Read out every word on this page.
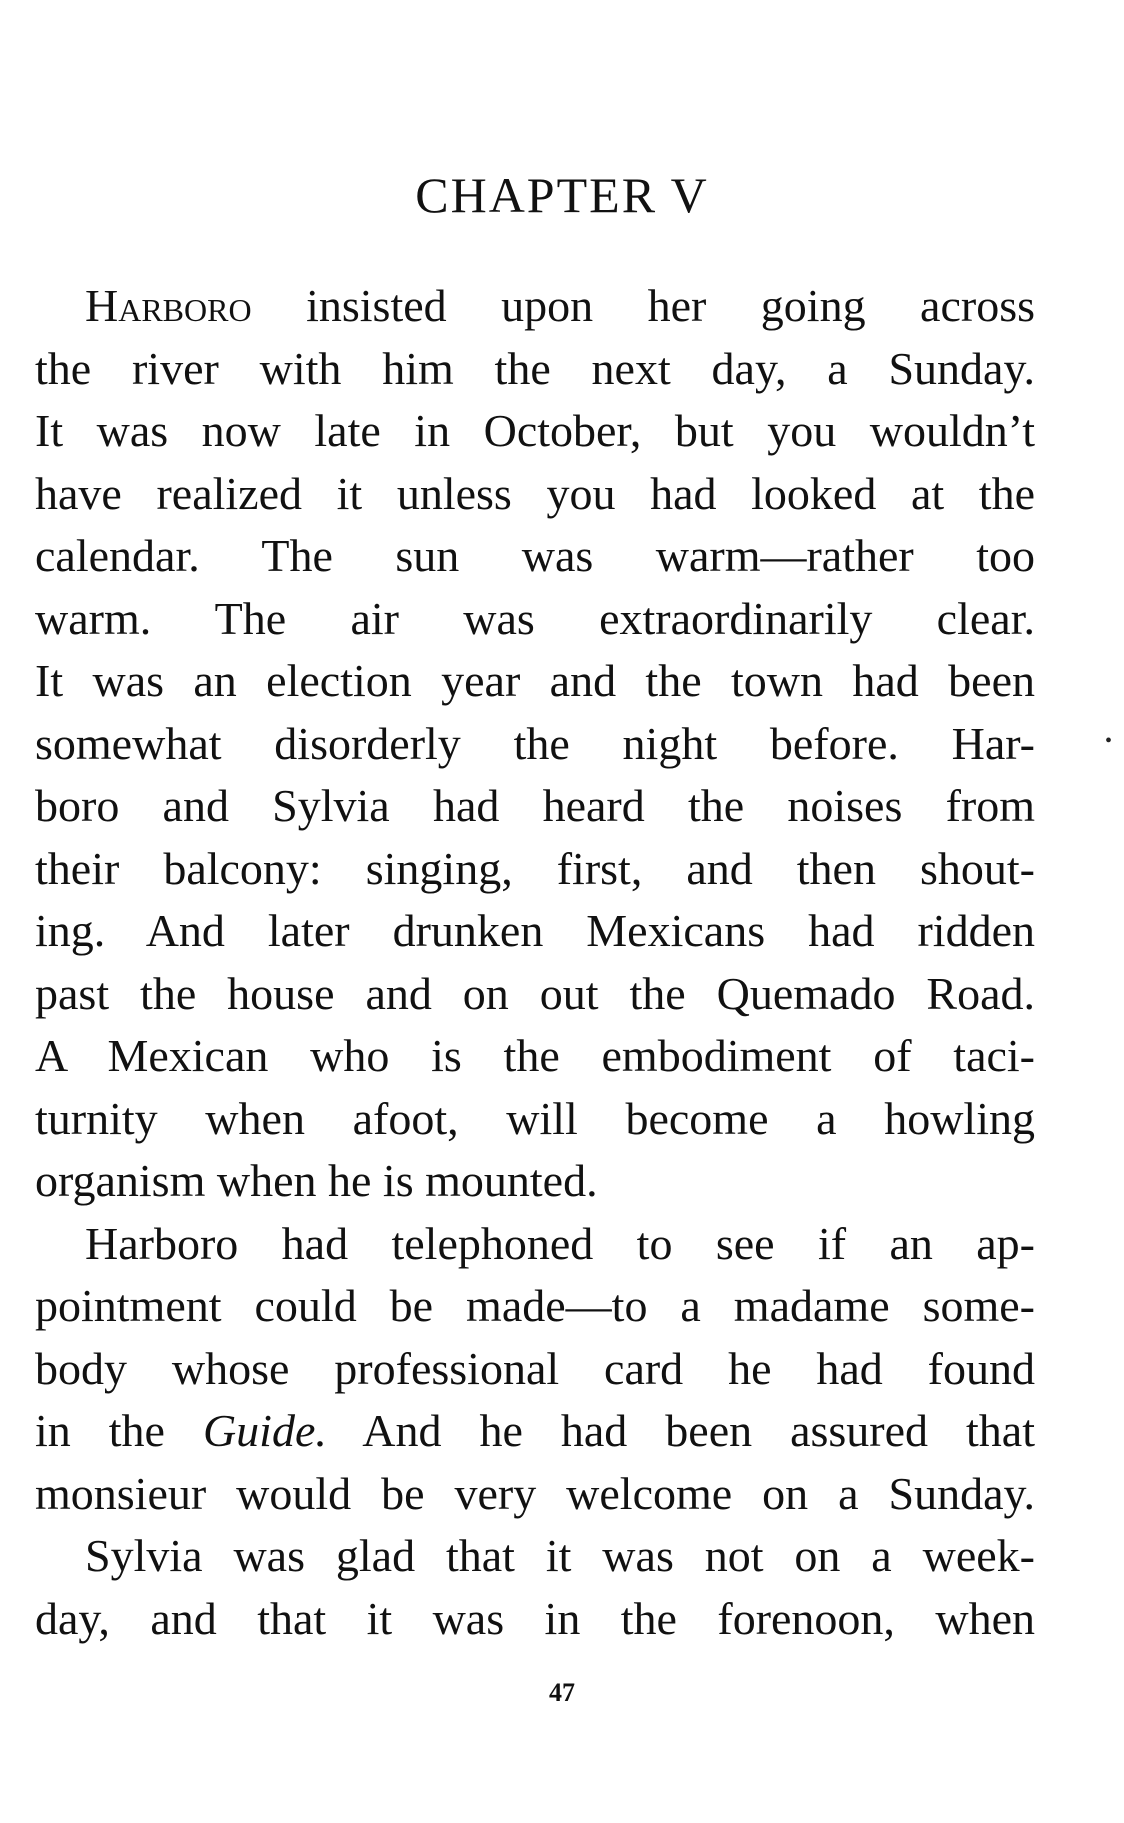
CHAPTER V
Harboro insisted upon her going across
the river with him the next day, a Sunday.
It was now late in October, but you wouldn’t
have realized it unless you had looked at the
calendar. The sun was warm—rather too
warm. The air was extraordinarily clear.
It was an election year and the town had been
somewhat disorderly the night before. Har-
boro and Sylvia had heard the noises from
their balcony: singing, first, and then shout-
ing. And later drunken Mexicans had ridden
past the house and on out the Quemado Road.
A Mexican who is the embodiment of taci-
turnity when afoot, will become a howling
organism when he is mounted.
Harboro had telephoned to see if an ap-
pointment could be made—to a madame some-
body whose professional card he had found
in the Guide. And he had been assured that
monsieur would be very welcome on a Sunday.
Sylvia was glad that it was not on a week-
day, and that it was in the forenoon, when
•
47
